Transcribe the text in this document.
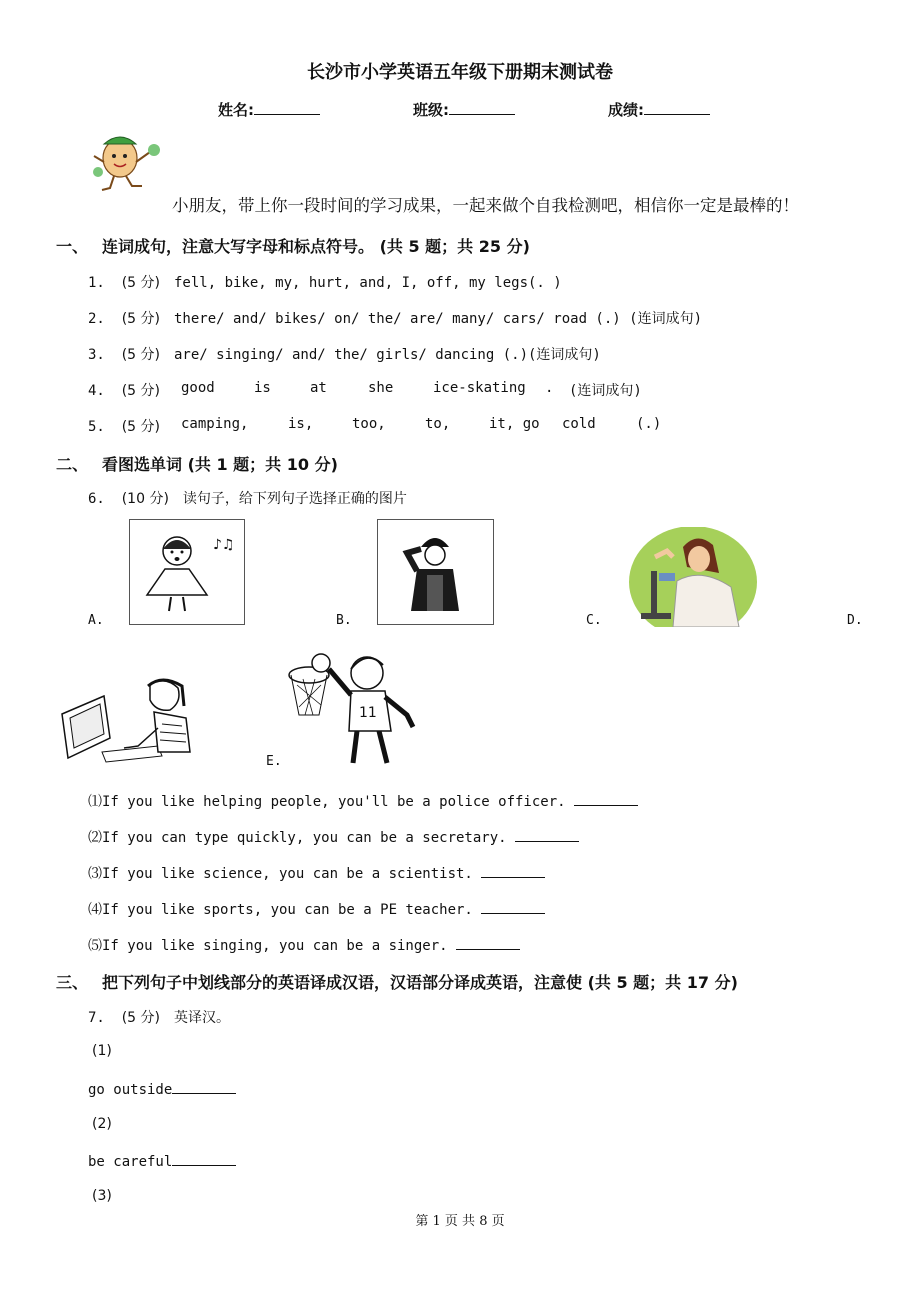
长沙市小学英语五年级下册期末测试卷
姓名:	班级:	成绩:
小朋友，带上你一段时间的学习成果，一起来做个自我检测吧，相信你一定是最棒的！
一、 连词成句，注意大写字母和标点符号。 (共 5 题；共 25 分)
1. (5 分) fell, bike, my, hurt, and, I, off, my legs(. )
2. (5 分) there/ and/ bikes/ on/ the/ are/ many/ cars/ road (.) (连词成句)
3. (5 分) are/ singing/ and/ the/ girls/ dancing (.)(连词成句)
4. (5 分)	good	is	at	she	ice-skating . (连词成句)
5. (5 分)	camping,	is,	too,	to,	it, go cold	(.)
二、 看图选单词 (共 1 题；共 10 分)
6. (10 分) 读句子，给下列句子选择正确的图片
♪♫
A.	B.	C.	D.
11
E.
⑴If you like helping people, you'll be a police officer.
⑵If you can type quickly, you can be a secretary.
⑶If you like science, you can be a scientist.
⑷If you like sports, you can be a PE teacher.
⑸If you like singing, you can be a singer.
三、 把下列句子中划线部分的英语译成汉语，汉语部分译成英语，注意使 (共 5 题；共 17 分)
7. (5 分) 英译汉。
(1)
go outside
(2)
be careful
(3)
第 1 页 共 8 页
